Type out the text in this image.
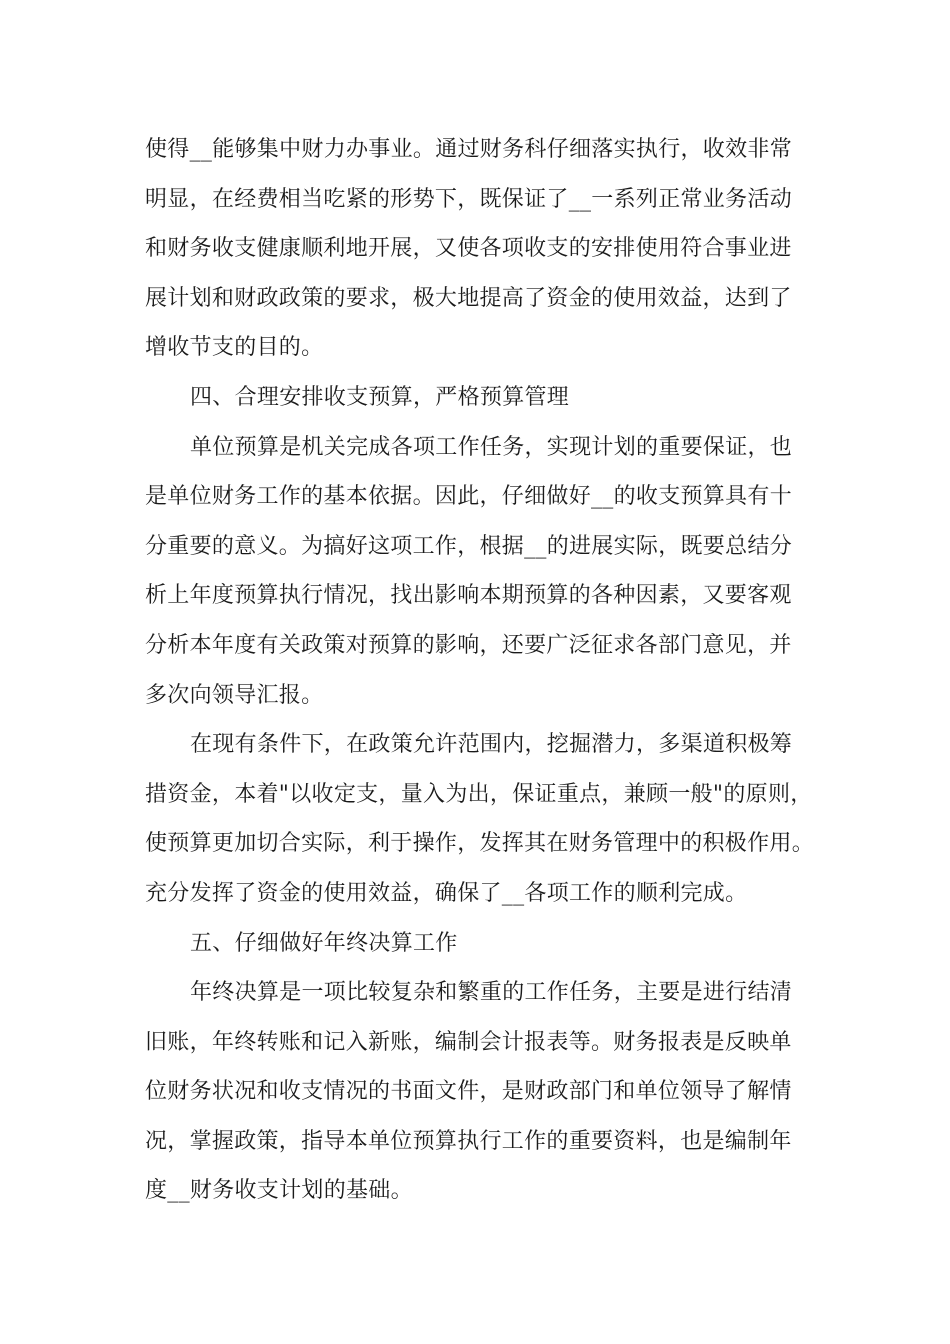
使得__能够集中财力办事业。通过财务科仔细落实执行，收效非常
明显，在经费相当吃紧的形势下，既保证了__一系列正常业务活动
和财务收支健康顺利地开展，又使各项收支的安排使用符合事业进
展计划和财政政策的要求，极大地提高了资金的使用效益，达到了
增收节支的目的。
四、合理安排收支预算，严格预算管理
单位预算是机关完成各项工作任务，实现计划的重要保证，也
是单位财务工作的基本依据。因此，仔细做好__的收支预算具有十
分重要的意义。为搞好这项工作，根据__的进展实际，既要总结分
析上年度预算执行情况，找出影响本期预算的各种因素，又要客观
分析本年度有关政策对预算的影响，还要广泛征求各部门意见，并
多次向领导汇报。
在现有条件下，在政策允许范围内，挖掘潜力，多渠道积极筹
措资金，本着"以收定支，量入为出，保证重点，兼顾一般"的原则，
使预算更加切合实际，利于操作，发挥其在财务管理中的积极作用。
充分发挥了资金的使用效益，确保了__各项工作的顺利完成。
五、仔细做好年终决算工作
年终决算是一项比较复杂和繁重的工作任务，主要是进行结清
旧账，年终转账和记入新账，编制会计报表等。财务报表是反映单
位财务状况和收支情况的书面文件，是财政部门和单位领导了解情
况，掌握政策，指导本单位预算执行工作的重要资料，也是编制年
度__财务收支计划的基础。
